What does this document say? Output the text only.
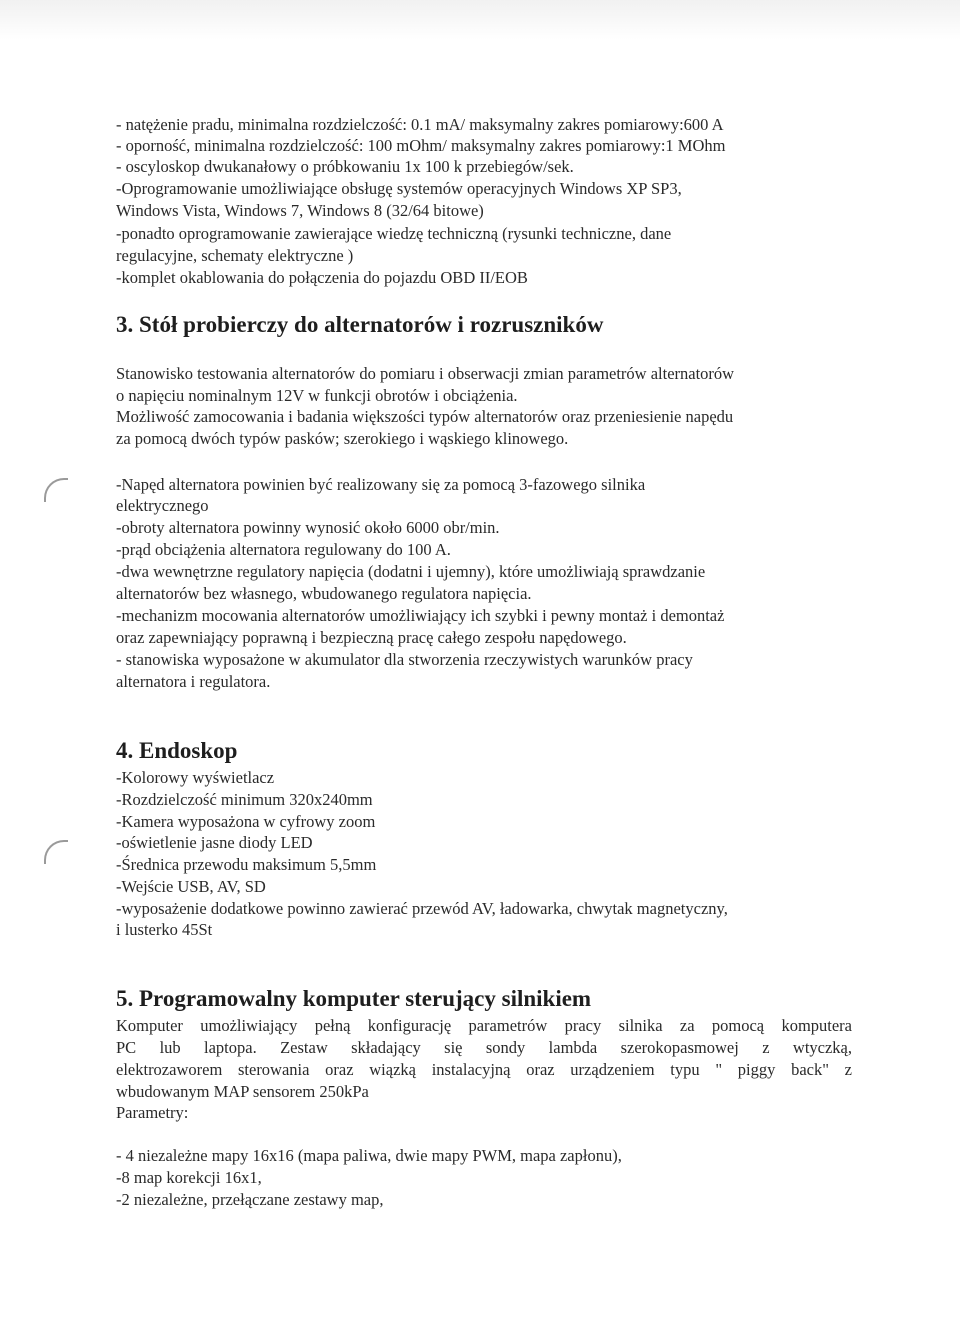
- natężenie pradu, minimalna rozdzielczość: 0.1 mA/ maksymalny zakres pomiarowy:600 A
- oporność, minimalna rozdzielczość: 100 mOhm/ maksymalny zakres pomiarowy:1 MOhm
- oscyloskop dwukanałowy o próbkowaniu 1x 100 k przebiegów/sek.
-Oprogramowanie umożliwiające obsługę systemów operacyjnych Windows XP SP3,
Windows Vista, Windows 7, Windows 8 (32/64 bitowe)
-ponadto oprogramowanie zawierające wiedzę techniczną (rysunki techniczne, dane
regulacyjne, schematy elektryczne )
-komplet okablowania do połączenia do pojazdu OBD II/EOB
3. Stół probierczy do alternatorów i rozruszników
Stanowisko testowania alternatorów do pomiaru i obserwacji zmian parametrów alternatorów
o napięciu nominalnym 12V w funkcji obrotów i obciążenia.
Możliwość zamocowania i badania większości typów alternatorów oraz przeniesienie napędu
za pomocą dwóch typów pasków; szerokiego i wąskiego klinowego.
-Napęd alternatora powinien być realizowany się za pomocą 3-fazowego silnika
elektrycznego
-obroty alternatora powinny wynosić około 6000 obr/min.
-prąd obciążenia alternatora regulowany do 100 A.
-dwa wewnętrzne regulatory napięcia (dodatni i ujemny), które umożliwiają sprawdzanie
alternatorów bez własnego, wbudowanego regulatora napięcia.
-mechanizm mocowania alternatorów umożliwiający ich szybki i pewny montaż i demontaż
oraz zapewniający poprawną i bezpieczną pracę całego zespołu napędowego.
- stanowiska wyposażone w akumulator dla stworzenia rzeczywistych warunków pracy
alternatora i regulatora.
4. Endoskop
-Kolorowy wyświetlacz
-Rozdzielczość minimum 320x240mm
-Kamera wyposażona w cyfrowy zoom
-oświetlenie jasne diody LED
-Średnica przewodu maksimum 5,5mm
-Wejście USB, AV, SD
-wyposażenie dodatkowe powinno zawierać przewód AV, ładowarka, chwytak magnetyczny,
i lusterko 45St
5. Programowalny komputer sterujący silnikiem
Komputer umożliwiający pełną konfigurację parametrów pracy silnika za pomocą komputera
PC lub laptopa. Zestaw składający się sondy lambda szerokopasmowej z wtyczką,
elektrozaworem sterowania oraz wiązką instalacyjną oraz urządzeniem typu " piggy back" z
wbudowanym MAP sensorem 250kPa
Parametry:
- 4 niezależne mapy 16x16 (mapa paliwa, dwie mapy PWM, mapa zapłonu),
-8 map korekcji 16x1,
-2 niezależne, przełączane zestawy map,
